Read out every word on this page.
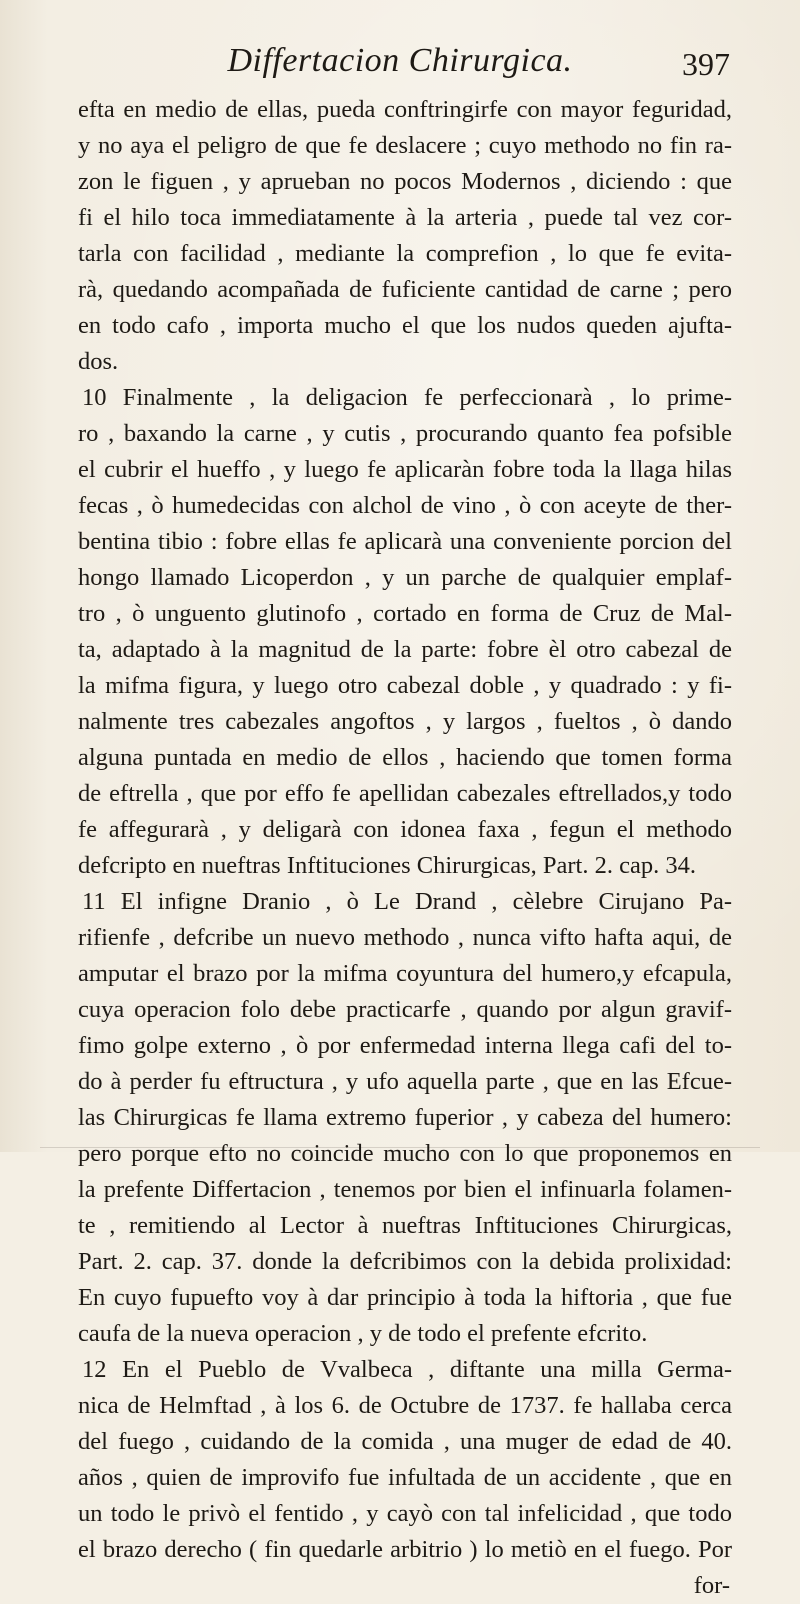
Differtacion Chirurgica.	397
efta en medio de ellas, pueda conftringirfe con mayor feguridad,
y no aya el peligro de que fe deslacere ; cuyo methodo no fin ra-
zon le figuen , y aprueban no pocos Modernos , diciendo : que
fi el hilo toca immediatamente à la arteria , puede tal vez cor-
tarla con facilidad , mediante la comprefion , lo que fe evita-
rà, quedando acompañada de fuficiente cantidad de carne ; pero
en todo cafo , importa mucho el que los nudos queden ajufta-
dos.
10 Finalmente , la deligacion fe perfeccionarà , lo prime-
ro , baxando la carne , y cutis , procurando quanto fea pofsible
el cubrir el hueffo , y luego fe aplicaràn fobre toda la llaga hilas
fecas , ò humedecidas con alchol de vino , ò con aceyte de ther-
bentina tibio : fobre ellas fe aplicarà una conveniente porcion del
hongo llamado Licoperdon , y un parche de qualquier emplaf-
tro , ò unguento glutinofo , cortado en forma de Cruz de Mal-
ta, adaptado à la magnitud de la parte: fobre èl otro cabezal de
la mifma figura, y luego otro cabezal doble , y quadrado : y fi-
nalmente tres cabezales angoftos , y largos , fueltos , ò dando
alguna puntada en medio de ellos , haciendo que tomen forma
de eftrella , que por effo fe apellidan cabezales eftrellados,y todo
fe affegurarà , y deligarà con idonea faxa , fegun el methodo
defcripto en nueftras Inftituciones Chirurgicas, Part. 2. cap. 34.
11 El infigne Dranio , ò Le Drand , cèlebre Cirujano Pa-
rifienfe , defcribe un nuevo methodo , nunca vifto hafta aqui, de
amputar el brazo por la mifma coyuntura del humero,y efcapula,
cuya operacion folo debe practicarfe , quando por algun gravif-
fimo golpe externo , ò por enfermedad interna llega cafi del to-
do à perder fu eftructura , y ufo aquella parte , que en las Efcue-
las Chirurgicas fe llama extremo fuperior , y cabeza del humero:
pero porque efto no coincide mucho con lo que proponemos en
la prefente Differtacion , tenemos por bien el infinuarla folamen-
te , remitiendo al Lector à nueftras Inftituciones Chirurgicas,
Part. 2. cap. 37. donde la defcribimos con la debida prolixidad:
En cuyo fupuefto voy à dar principio à toda la hiftoria , que fue
caufa de la nueva operacion , y de todo el prefente efcrito.
12 En el Pueblo de Vvalbeca , diftante una milla Germa-
nica de Helmftad , à los 6. de Octubre de 1737. fe hallaba cerca
del fuego , cuidando de la comida , una muger de edad de 40.
años , quien de improvifo fue infultada de un accidente , que en
un todo le privò el fentido , y cayò con tal infelicidad , que todo
el brazo derecho ( fin quedarle arbitrio ) lo metiò en el fuego. Por
for-
